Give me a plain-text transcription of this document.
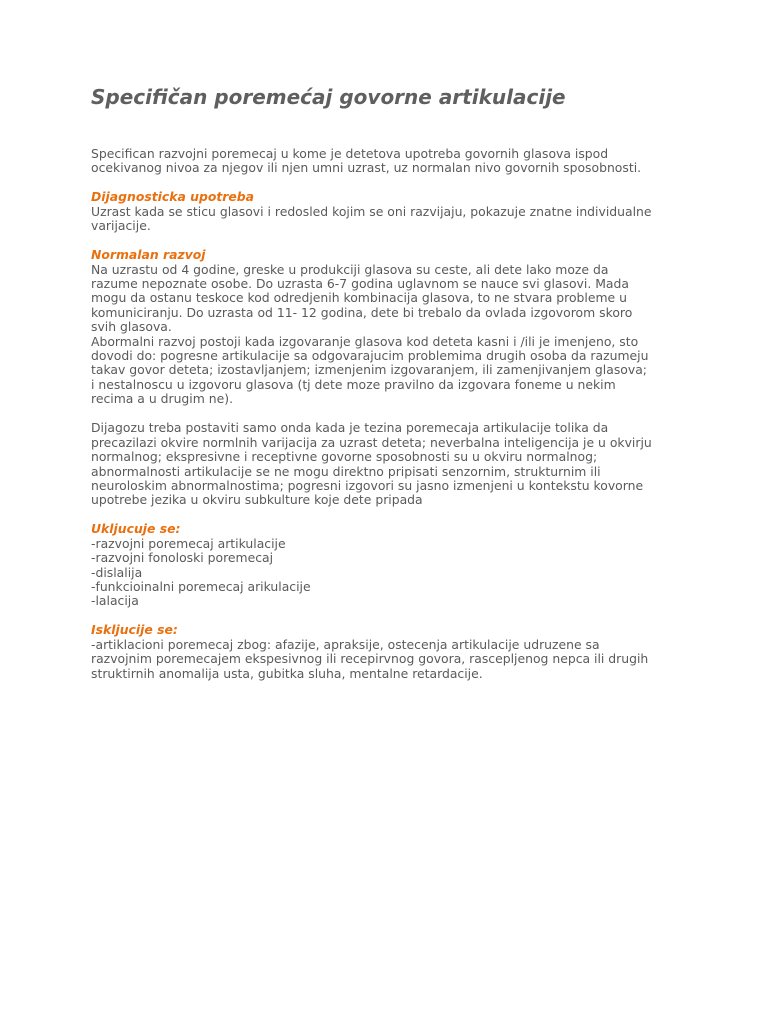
Specifičan poremećaj govorne artikulacije

Specifican razvojni poremecaj u kome je detetova upotreba govornih glasova ispod
ocekivanog nivoa za njegov ili njen umni uzrast, uz normalan nivo govornih sposobnosti.

Dijagnosticka upotreba

Uzrast kada se sticu glasovi i redosled kojim se oni razvijaju, pokazuje znatne individualne
varijacije.

Normalan razvoj

Na uzrastu od 4 godine, greske u produkciji glasova su ceste, ali dete lako moze da
razume nepoznate osobe. Do uzrasta 6-7 godina uglavnom se nauce svi glasovi. Mada
mogu da ostanu teskoce kod odredjenih kombinacija glasova, to ne stvara probleme u
komuniciranju. Do uzrasta od 11- 12 godina, dete bi trebalo da ovlada izgovorom skoro
svih glasova.
Abormalni razvoj postoji kada izgovaranje glasova kod deteta kasni i /ili je imenjeno, sto
dovodi do: pogresne artikulacije sa odgovarajucim problemima drugih osoba da razumeju
takav govor deteta; izostavljanjem; izmenjenim izgovaranjem, ili zamenjivanjem glasova;
i nestalnoscu u izgovoru glasova (tj dete moze pravilno da izgovara foneme u nekim
recima a u drugim ne).

Dijagozu treba postaviti samo onda kada je tezina poremecaja artikulacije tolika da
precazilazi okvire normlnih varijacija za uzrast deteta; neverbalna inteligencija je u okvirju
normalnog; ekspresivne i receptivne govorne sposobnosti su u okviru normalnog;
abnormalnosti artikulacije se ne mogu direktno pripisati senzornim, strukturnim ili
neuroloskim abnormalnostima; pogresni izgovori su jasno izmenjeni u kontekstu kovorne
upotrebe jezika u okviru subkulture koje dete pripada

Ukljucuje se:

-razvojni poremecaj artikulacije
-razvojni fonoloski poremecaj
-dislalija
-funkcioinalni poremecaj arikulacije
-lalacija

Iskljucije se:

-artiklacioni poremecaj zbog: afazije, apraksije, ostecenja artikulacije udruzene sa
razvojnim poremecajem ekspesivnog ili recepirvnog govora, rascepljenog nepca ili drugih
struktirnih anomalija usta, gubitka sluha, mentalne retardacije.
